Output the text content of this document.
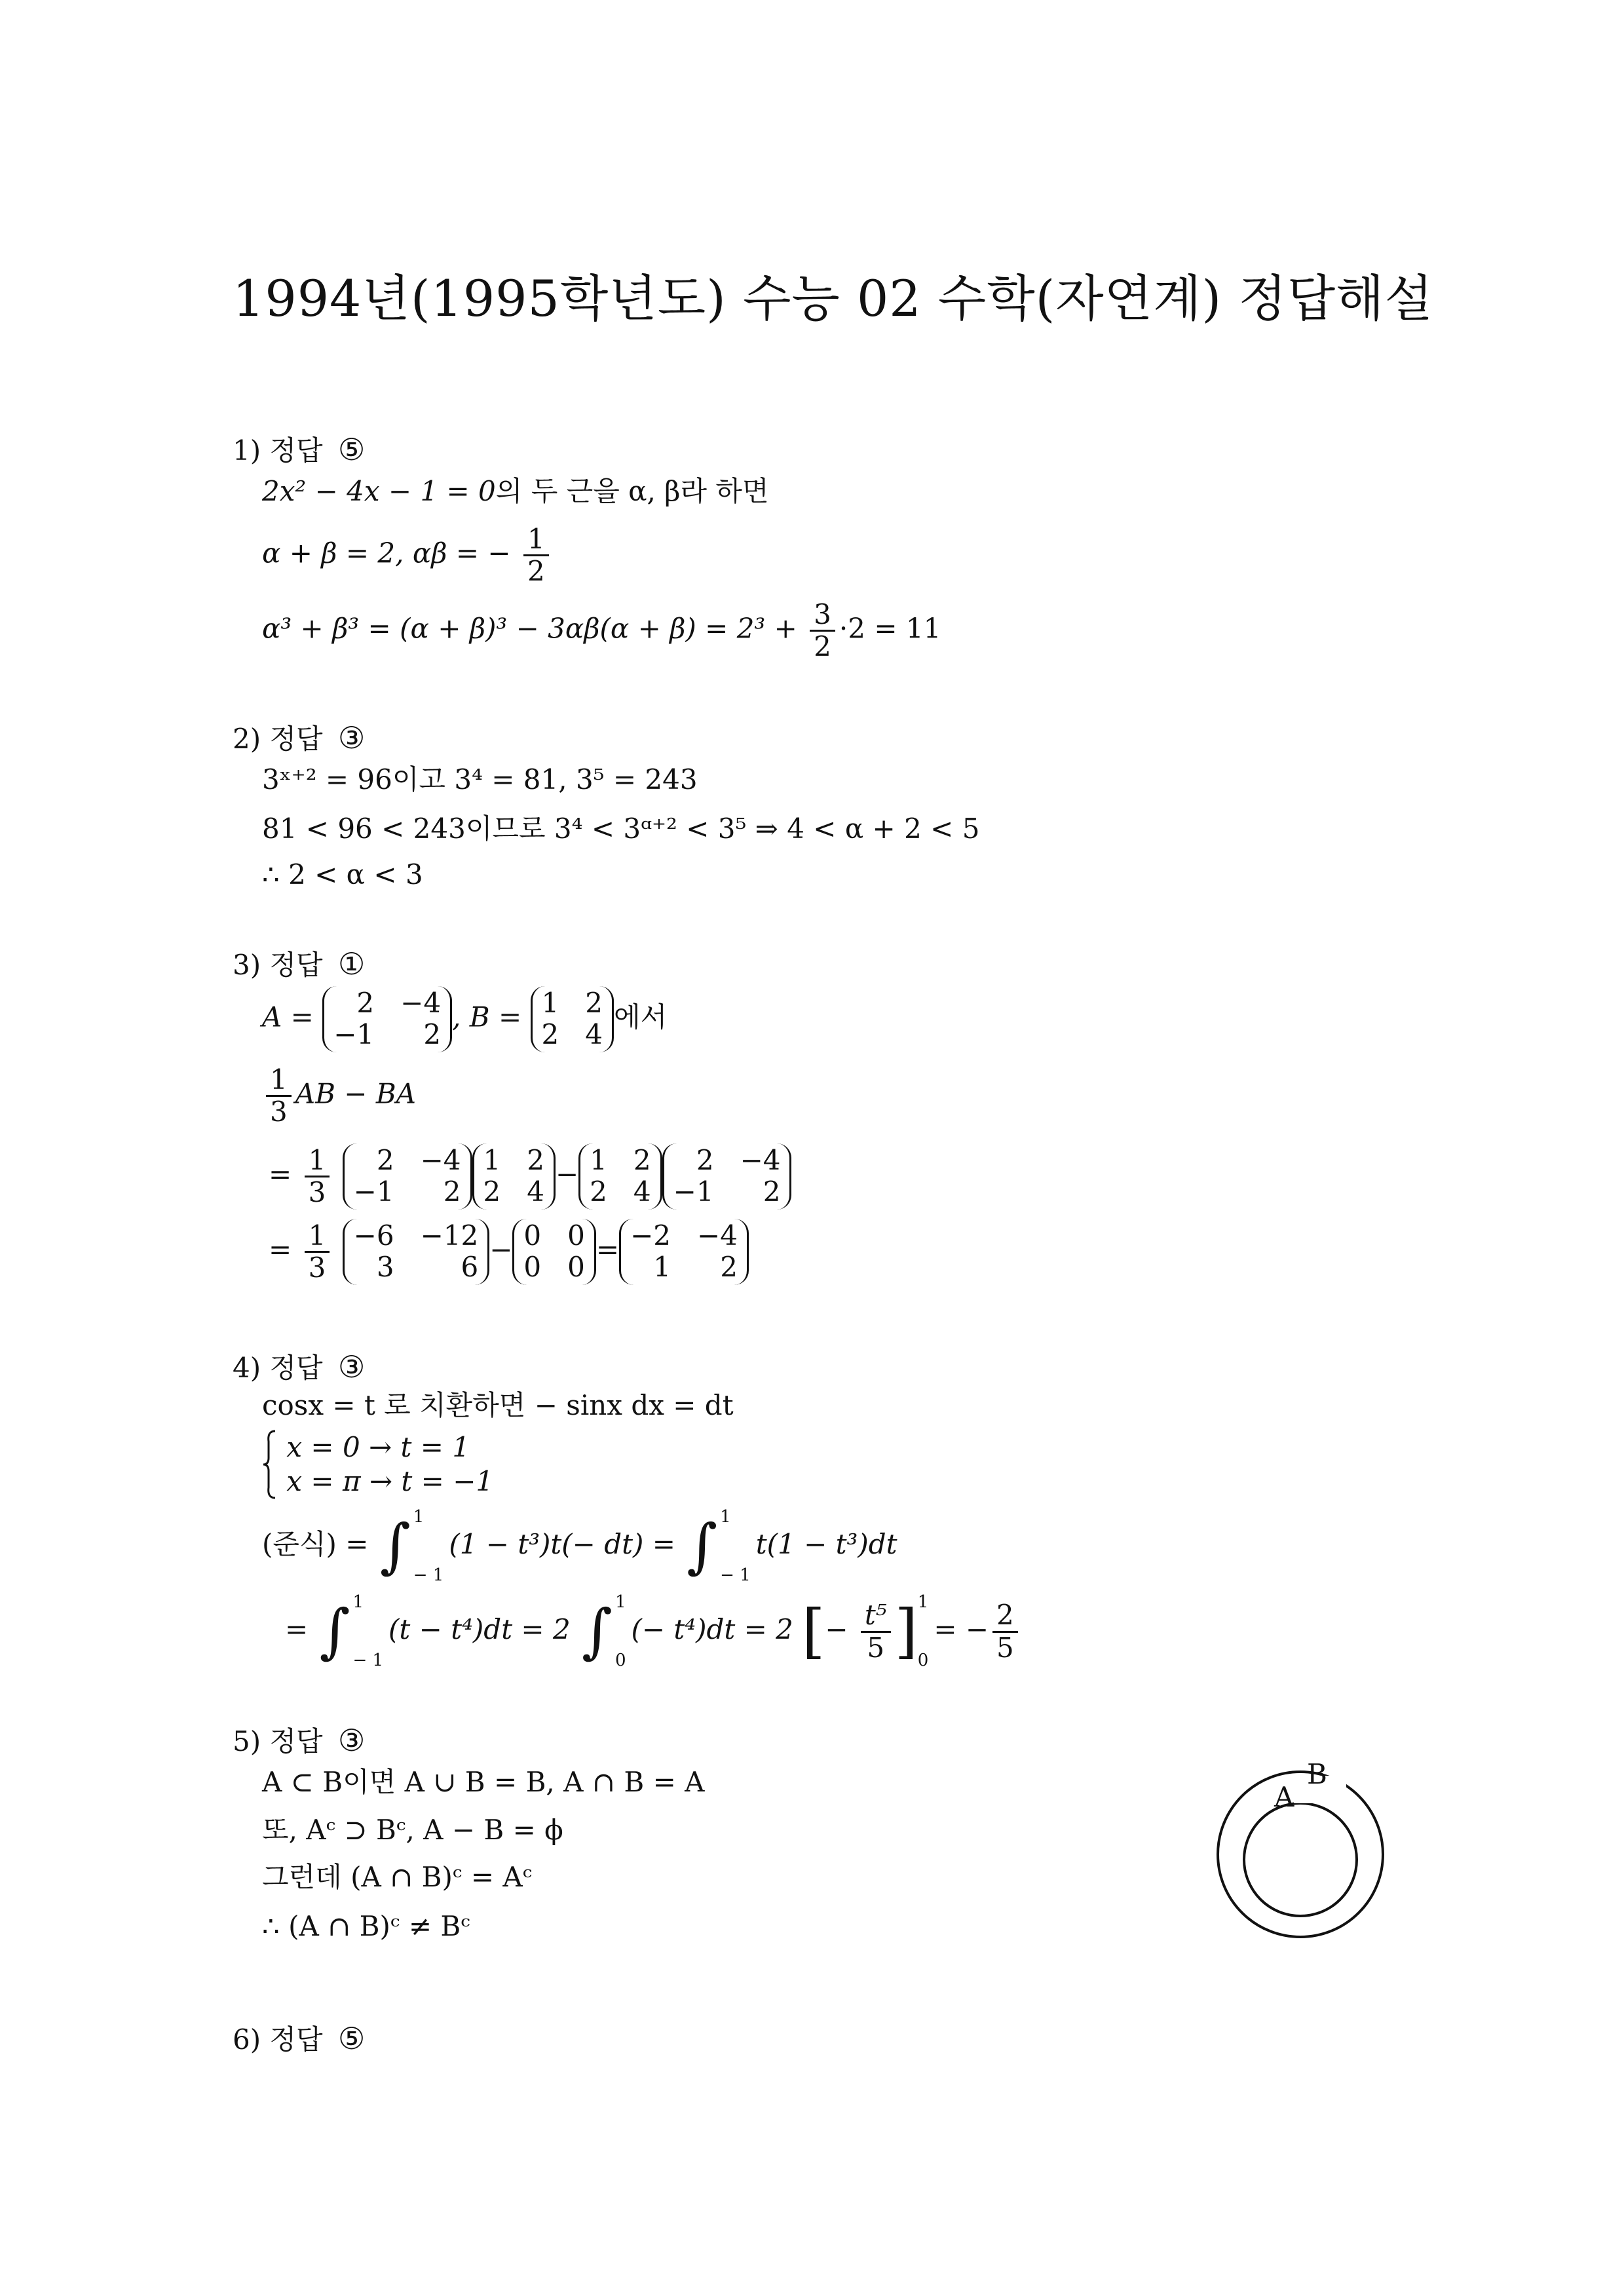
1994년(1995학년도) 수능 02 수학(자연계) 정답해설
1) 정답 ⑤
2x² − 4x − 1 = 0의 두 근을 α, β라 하면
α + β = 2, αβ = − $\frac{1}{2}$
$\alpha^3 + \beta^3 = (\alpha + \beta)^3 - 3\alpha\beta(\alpha + \beta) = 2^3 + \frac{3}{2} \cdot 2 = 11$
2) 정답 ③
3ˣ⁺² = 96이고 3⁴ = 81, 3⁵ = 243
81 < 96 < 243이므로 3⁴ < 3ᵅ⁺² < 3⁵ ⇒ 4 < α + 2 < 5
∴ 2 < α < 3
3) 정답 ①
A =	2 −4
−1	2
, B = 1 2
2 4
에서
$\frac{1}{3}$ AB − BA
= $\frac{1}{3}$
	2 −4
−1	2
1 2
2 4
− 1 2
2 4
2 −4
−1	2
= $\frac{1}{3}$
−6 −12
3	6
− 0 0
0 0
= −2 −4
1	2
4) 정답 ③
cosx = t 로 치환하면 − sinx dx = dt

x = 0 → t = 1
x = π → t = −1
(준식) = ∫ 1
− 1
(1 − t³)t(− dt) = ∫ 1
− 1
t(1 − t³)dt
= ∫ 1
− 1
(t − t⁴)dt = 2 ∫ 1
0
(− t⁴)dt = 2 [− $\frac{\text{t⁵}}{5}$ ] 1
0
= − $\frac{2}{5}$
5) 정답 ③
A ⊂ B이면 A ∪ B = B, A ∩ B = A
또, Aᶜ ⊃ Bᶜ, A − B = ϕ
그런데 (A ∩ B)ᶜ = Aᶜ
∴ (A ∩ B)ᶜ ≠ Bᶜ
A
B
6) 정답 ⑤
